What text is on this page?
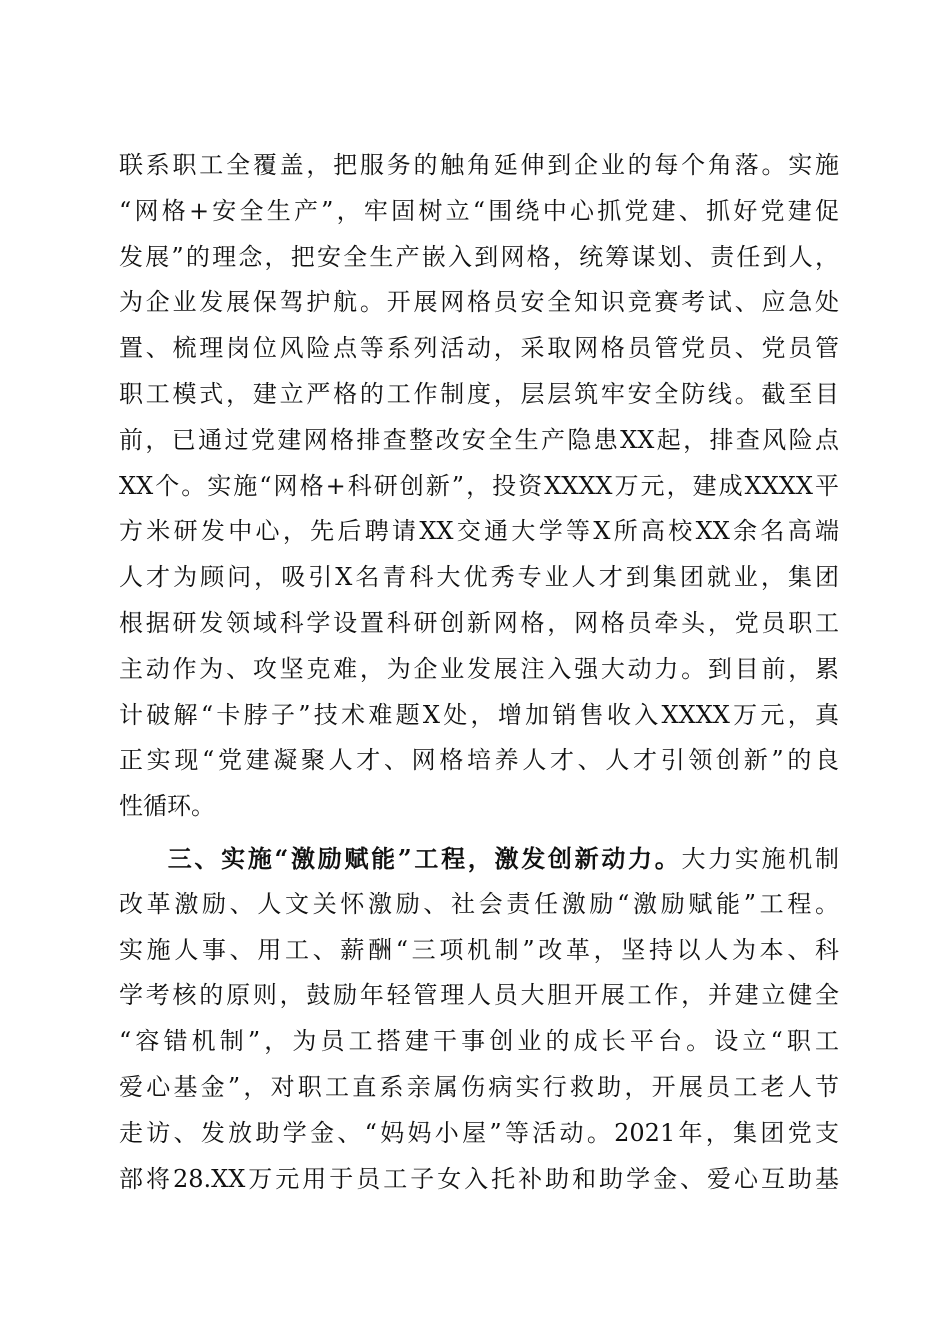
联系职工全覆盖，把服务的触角延伸到企业的每个角落。实施
“网格+安全生产”，牢固树立“围绕中心抓党建、抓好党建促
发展”的理念，把安全生产嵌入到网格，统筹谋划、责任到人，
为企业发展保驾护航。开展网格员安全知识竞赛考试、应急处
置、梳理岗位风险点等系列活动，采取网格员管党员、党员管
职工模式，建立严格的工作制度，层层筑牢安全防线。截至目
前，已通过党建网格排查整改安全生产隐患XX起，排查风险点
XX个。实施“网格+科研创新”，投资XXXX万元，建成XXXX平
方米研发中心，先后聘请XX交通大学等X所高校XX余名高端
人才为顾问，吸引X名青科大优秀专业人才到集团就业，集团
根据研发领域科学设置科研创新网格，网格员牵头，党员职工
主动作为、攻坚克难，为企业发展注入强大动力。到目前，累
计破解“卡脖子”技术难题X处，增加销售收入XXXX万元，真
正实现“党建凝聚人才、网格培养人才、人才引领创新”的良
性循环。
三、实施“激励赋能”工程，激发创新动力。大力实施机制
改革激励、人文关怀激励、社会责任激励“激励赋能”工程。
实施人事、用工、薪酬“三项机制”改革，坚持以人为本、科
学考核的原则，鼓励年轻管理人员大胆开展工作，并建立健全
“容错机制”，为员工搭建干事创业的成长平台。设立“职工
爱心基金”，对职工直系亲属伤病实行救助，开展员工老人节
走访、发放助学金、“妈妈小屋”等活动。2021年，集团党支
部将28.XX万元用于员工子女入托补助和助学金、爱心互助基
